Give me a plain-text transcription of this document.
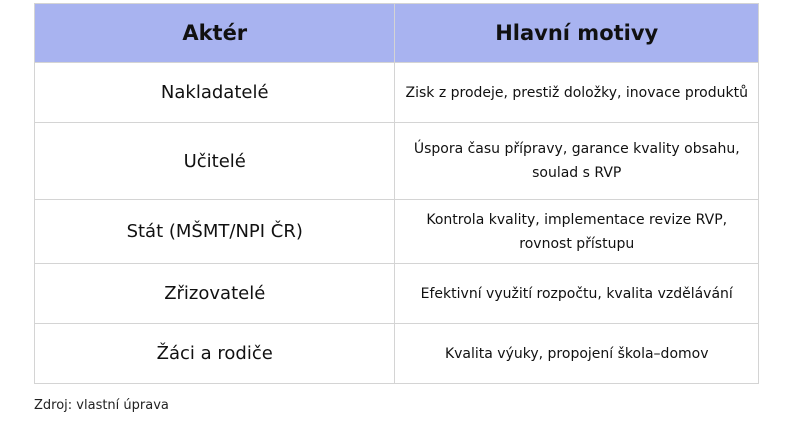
Aktér	Hlavní motivy
Nakladatelé	Zisk z prodeje, prestiž doložky, inovace produktů
Učitelé	Úspora času přípravy, garance kvality obsahu, soulad s RVP
Stát (MŠMT/NPI ČR)	Kontrola kvality, implementace revize RVP, rovnost přístupu
Zřizovatelé	Efektivní využití rozpočtu, kvalita vzdělávání
Žáci a rodiče	Kvalita výuky, propojení škola–domov
Zdroj: vlastní úprava
